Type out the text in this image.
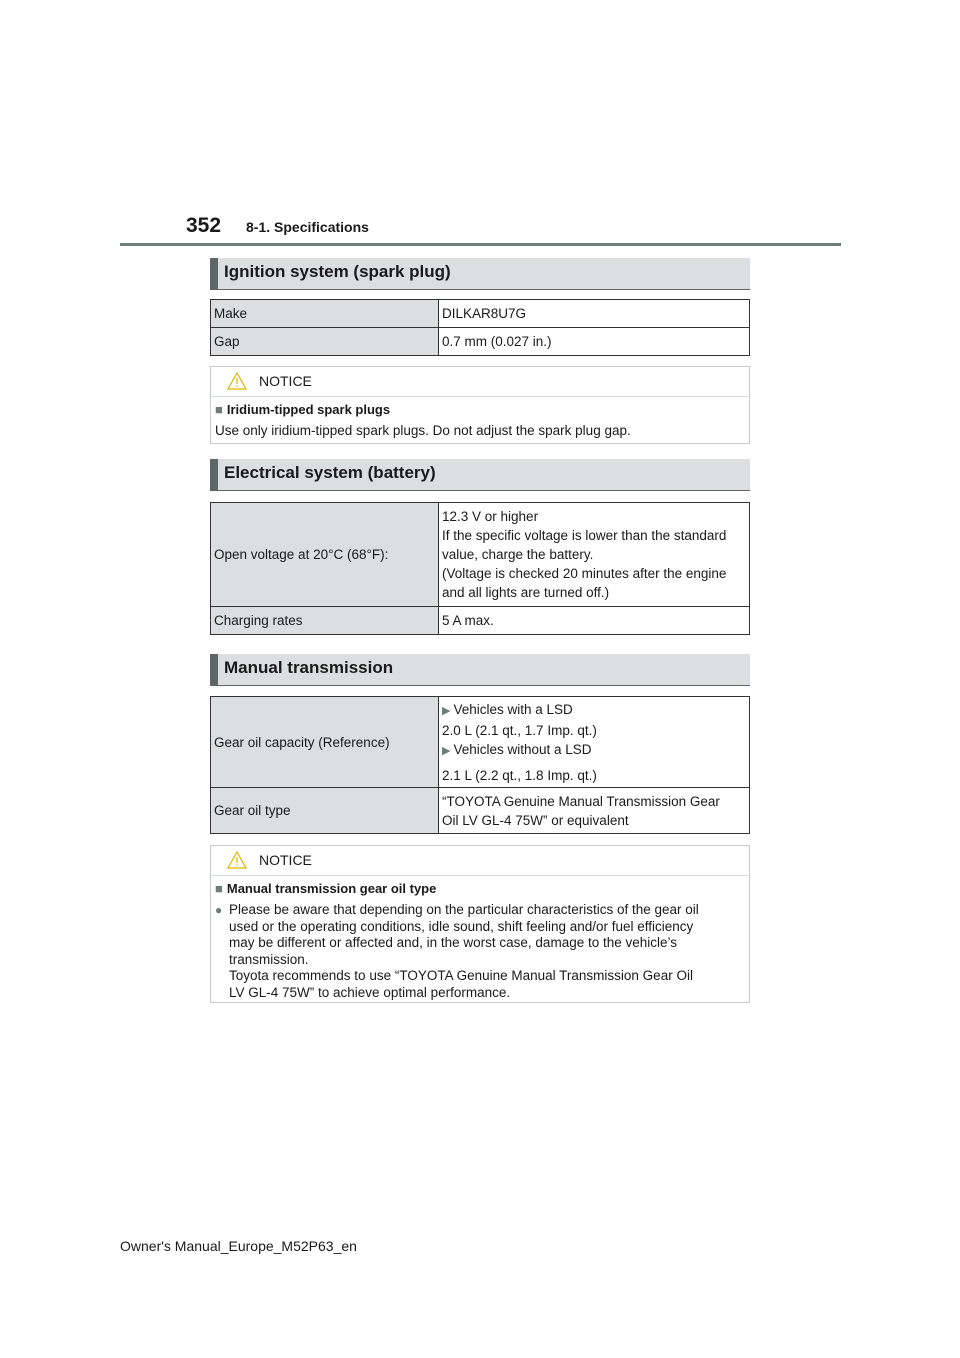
352 8-1. Specifications
Ignition system (spark plug)
Make	DILKAR8U7G
Gap	0.7 mm (0.027 in.)
NOTICE
■ Iridium-tipped spark plugs
Use only iridium-tipped spark plugs. Do not adjust the spark plug gap.
Electrical system (battery)
Open voltage at 20°C (68°F):	12.3 V or higher
If the specific voltage is lower than the standard
value, charge the battery.
(Voltage is checked 20 minutes after the engine
and all lights are turned off.)

Charging rates	5 A max.
Manual transmission
Gear oil capacity (Reference)	▶ Vehicles with a LSD
2.0 L (2.1 qt., 1.7 Imp. qt.)
▶ Vehicles without a LSD
2.1 L (2.2 qt., 1.8 Imp. qt.)

Gear oil type	“TOYOTA Genuine Manual Transmission Gear
Oil LV GL-4 75W” or equivalent
NOTICE
■ Manual transmission gear oil type
● Please be aware that depending on the particular characteristics of the gear oil
used or the operating conditions, idle sound, shift feeling and/or fuel efficiency
may be different or affected and, in the worst case, damage to the vehicle’s
transmission.
Toyota recommends to use “TOYOTA Genuine Manual Transmission Gear Oil
LV GL-4 75W” to achieve optimal performance.
Owner's Manual_Europe_M52P63_en
